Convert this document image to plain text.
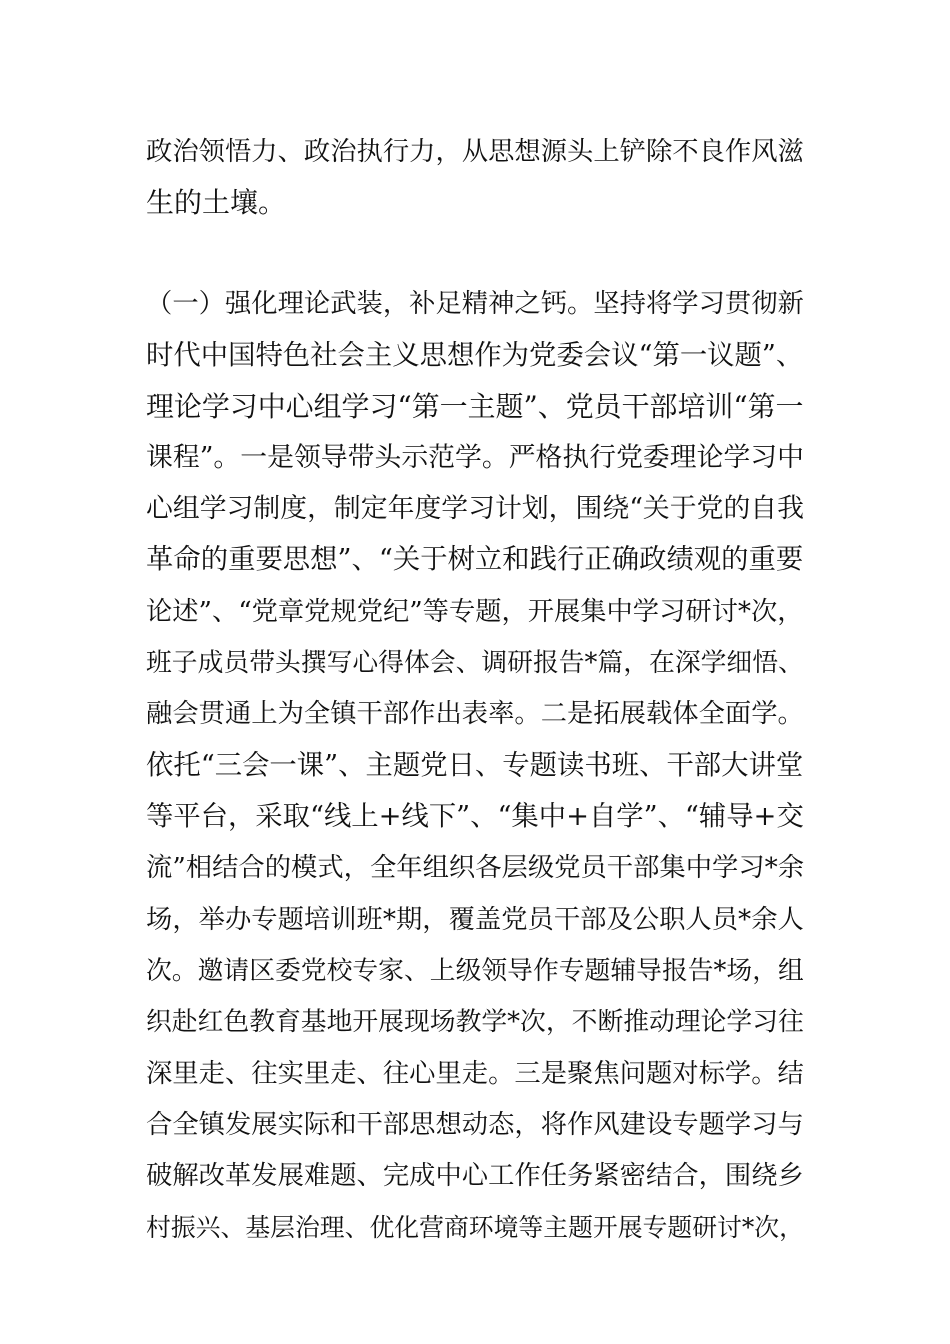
政治领悟力、政治执行力，从思想源头上铲除不良作风滋
生的土壤。
（一）强化理论武装，补足精神之钙。坚持将学习贯彻新
时代中国特色社会主义思想作为党委会议“第一议题”、
理论学习中心组学习“第一主题”、党员干部培训“第一
课程”。一是领导带头示范学。严格执行党委理论学习中
心组学习制度，制定年度学习计划，围绕“关于党的自我
革命的重要思想”、“关于树立和践行正确政绩观的重要
论述”、“党章党规党纪”等专题，开展集中学习研讨*次，
班子成员带头撰写心得体会、调研报告*篇，在深学细悟、
融会贯通上为全镇干部作出表率。二是拓展载体全面学。
依托“三会一课”、主题党日、专题读书班、干部大讲堂
等平台，采取“线上+线下”、“集中+自学”、“辅导+交
流”相结合的模式，全年组织各层级党员干部集中学习*余
场，举办专题培训班*期，覆盖党员干部及公职人员*余人
次。邀请区委党校专家、上级领导作专题辅导报告*场，组
织赴红色教育基地开展现场教学*次，不断推动理论学习往
深里走、往实里走、往心里走。三是聚焦问题对标学。结
合全镇发展实际和干部思想动态，将作风建设专题学习与
破解改革发展难题、完成中心工作任务紧密结合，围绕乡
村振兴、基层治理、优化营商环境等主题开展专题研讨*次，
